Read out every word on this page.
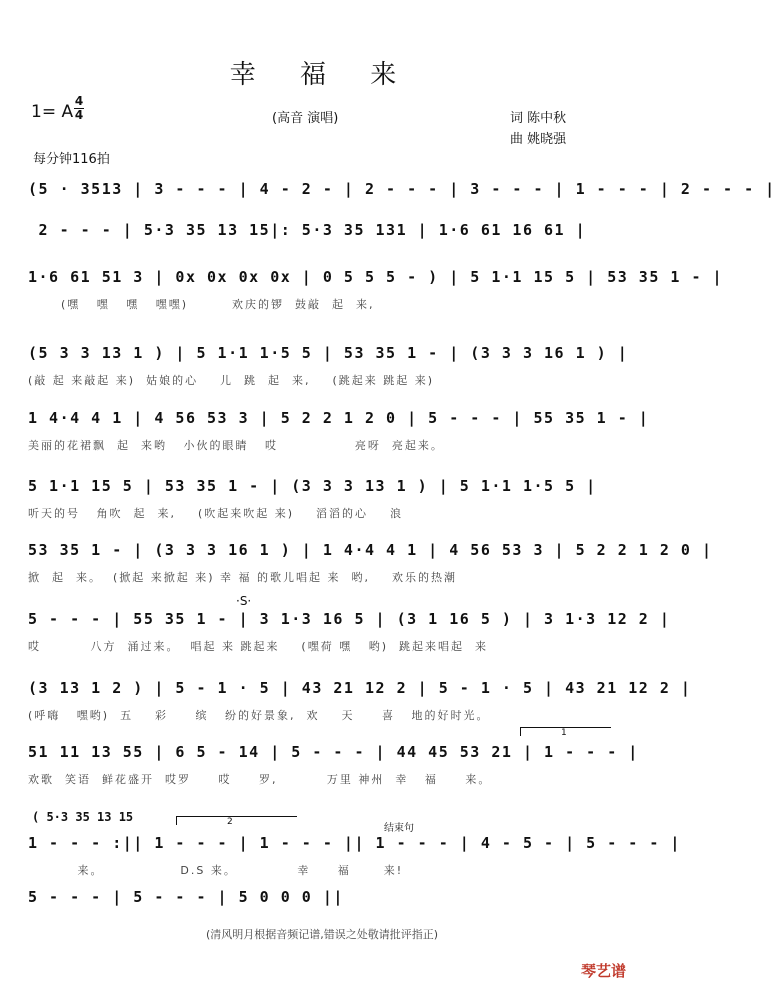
幸 福 来
1= A
4
4	(高音 演唱)	词 陈中秋
曲 姚晓强
每分钟116拍
(5 · 3513 | 3 - - - | 4 - 2 - | 2 - - - | 3 - - - | 1 - - - | 2 - - - |
2 - - - | 5·3 35 13 15|: 5·3 35 131 | 1·6 61 16 61 |
1·6 61 51 3 | 0x 0x 0x 0x | 0 5 5 5 - ) | 5 1·1 15 5 | 53 35 1 - |
(嘿   嘿   嘿   嘿嘿)        欢庆的锣  鼓敲  起  来,
(5 3 3 13 1 ) | 5 1·1 1·5 5 | 53 35 1 - | (3 3 3 16 1 ) |
(敲 起 来敲起 来)  姑娘的心    儿  跳  起  来,    (跳起来 跳起 来)
1 4·4 4 1 | 4 56 53 3 | 5 2 2 1 2 0 | 5 - - - | 55 35 1 - |
美丽的花裙飘  起  来哟   小伙的眼睛   哎              亮呀  亮起来。
5 1·1 15 5 | 53 35 1 - | (3 3 3 13 1 ) | 5 1·1 1·5 5 |
听天的号   角吹  起  来,    (吹起来吹起 来)    滔滔的心    浪
53 35 1 - | (3 3 3 16 1 ) | 1 4·4 4 1 | 4 56 53 3 | 5 2 2 1 2 0 |
掀  起  来。  (掀起 来掀起 来) 幸 福 的歌儿唱起 来  哟,    欢乐的热潮
·S·
5 - - - | 55 35 1 - | 3 1·3 16 5 | (3 1 16 5 ) | 3 1·3 12 2 |
哎         八方  涌过来。  唱起 来 跳起来    (嘿荷 嘿   哟)  跳起来唱起  来
(3 13 1 2 ) | 5 - 1 · 5 | 43 21 12 2 | 5 - 1 · 5 | 43 21 12 2 |
(呼嗨   嘿哟)  五    彩     缤   纷的好景象,  欢    天     喜   地的好时光。
1
51 11 13 55 | 6 5 - 14 | 5 - - - | 44 45 53 21 | 1 - - - |
欢歌  笑语  鲜花盛开  哎罗     哎     罗,         万里 神州  幸   福     来。
( 5·3 35 13 15	2
结束句
1 - - - :|| 1 - - - | 1 - - - || 1 - - - | 4 - 5 - | 5 - - - |
来。              D.S 来。           幸     福      来!
5 - - - | 5 - - - | 5 0 0 0 ||
(清风明月根据音频记谱,错误之处敬请批评指正)
琴艺谱
